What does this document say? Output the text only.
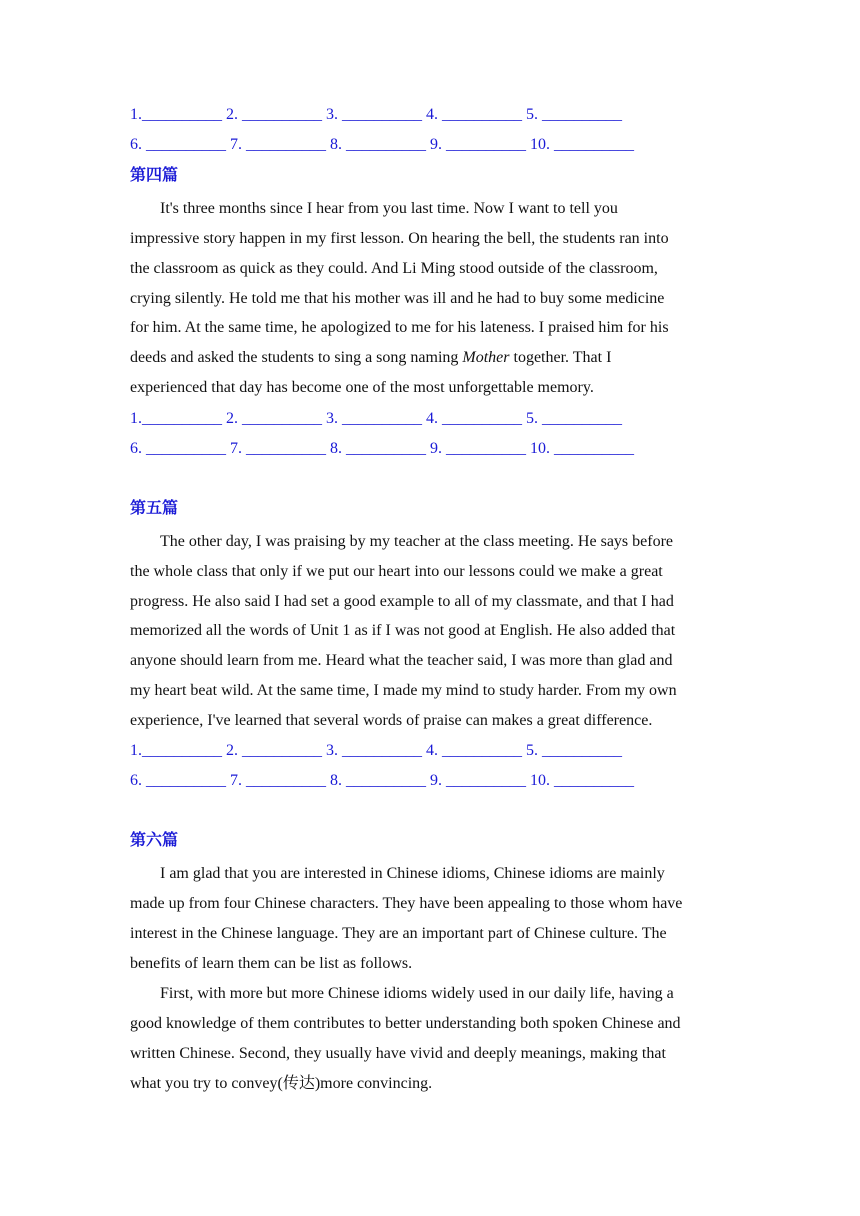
1.__________ 2. __________ 3. __________ 4. __________ 5. __________
6. __________ 7. __________ 8. __________ 9. __________ 10. __________
第四篇
It's three months since I hear from you last time. Now I want to tell you
impressive story happen in my first lesson. On hearing the bell, the students ran into
the classroom as quick as they could. And Li Ming stood outside of the classroom,
crying silently. He told me that his mother was ill and he had to buy some medicine
for him. At the same time, he apologized to me for his lateness. I praised him for his
deeds and asked the students to sing a song naming Mother together. That I
experienced that day has become one of the most unforgettable memory.
1.__________ 2. __________ 3. __________ 4. __________ 5. __________
6. __________ 7. __________ 8. __________ 9. __________ 10. __________
第五篇
The other day, I was praising by my teacher at the class meeting. He says before
the whole class that only if we put our heart into our lessons could we make a great
progress. He also said I had set a good example to all of my classmate, and that I had
memorized all the words of Unit 1 as if I was not good at English. He also added that
anyone should learn from me. Heard what the teacher said, I was more than glad and
my heart beat wild. At the same time, I made my mind to study harder. From my own
experience, I've learned that several words of praise can makes a great difference.
1.__________ 2. __________ 3. __________ 4. __________ 5. __________
6. __________ 7. __________ 8. __________ 9. __________ 10. __________
第六篇
I am glad that you are interested in Chinese idioms, Chinese idioms are mainly
made up from four Chinese characters. They have been appealing to those whom have
interest in the Chinese language. They are an important part of Chinese culture. The
benefits of learn them can be list as follows.
First, with more but more Chinese idioms widely used in our daily life, having a
good knowledge of them contributes to better understanding both spoken Chinese and
written Chinese. Second, they usually have vivid and deeply meanings, making that
what you try to convey(传达)more convincing.
